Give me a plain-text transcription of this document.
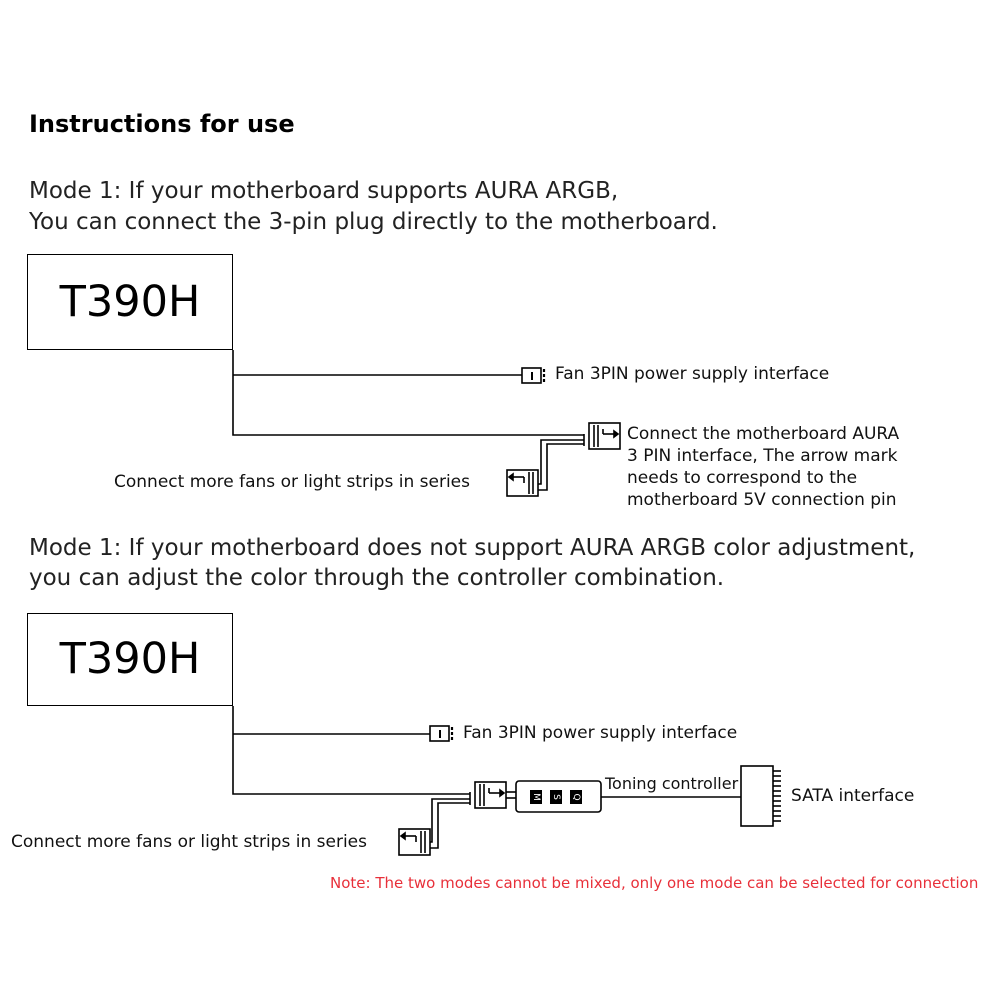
Instructions for use
Mode 1: If your motherboard supports AURA ARGB,
You can connect the 3-pin plug directly to the motherboard.
T390H
Mode 1: If your motherboard does not support AURA ARGB color adjustment,
you can adjust the color through the controller combination.
T390H
M S Q
Fan 3PIN power supply interface
Connect the motherboard AURA
3 PIN interface, The arrow mark
needs to correspond to the
motherboard 5V connection pin
Connect more fans or light strips in series
Fan 3PIN power supply interface
Toning controller
SATA interface
Connect more fans or light strips in series
Note: The two modes cannot be mixed, only one mode can be selected for connection
